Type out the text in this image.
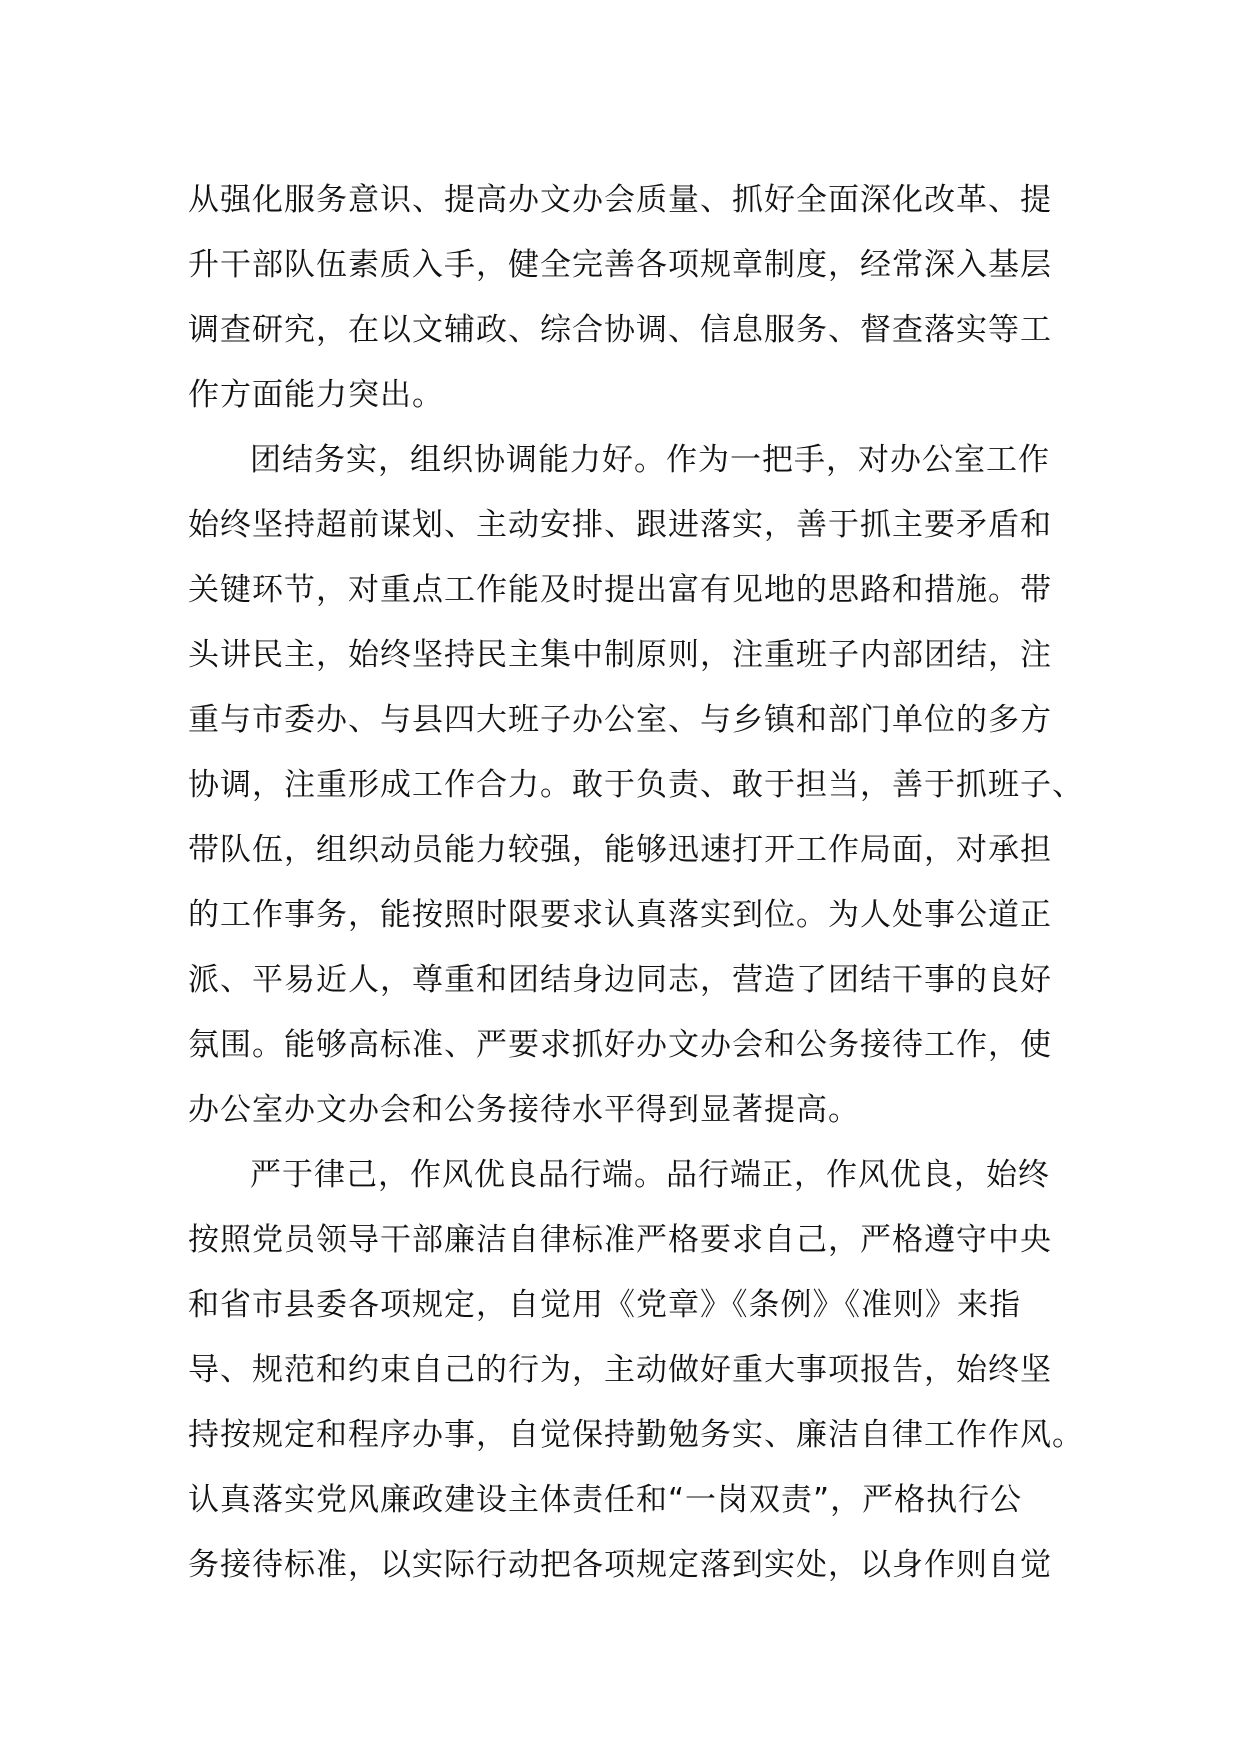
从强化服务意识、提高办文办会质量、抓好全面深化改革、提
升干部队伍素质入手，健全完善各项规章制度，经常深入基层
调查研究，在以文辅政、综合协调、信息服务、督查落实等工
作方面能力突出。
团结务实，组织协调能力好。作为一把手，对办公室工作
始终坚持超前谋划、主动安排、跟进落实，善于抓主要矛盾和
关键环节，对重点工作能及时提出富有见地的思路和措施。带
头讲民主，始终坚持民主集中制原则，注重班子内部团结，注
重与市委办、与县四大班子办公室、与乡镇和部门单位的多方
协调，注重形成工作合力。敢于负责、敢于担当，善于抓班子、
带队伍，组织动员能力较强，能够迅速打开工作局面，对承担
的工作事务，能按照时限要求认真落实到位。为人处事公道正
派、平易近人，尊重和团结身边同志，营造了团结干事的良好
氛围。能够高标准、严要求抓好办文办会和公务接待工作，使
办公室办文办会和公务接待水平得到显著提高。
严于律己，作风优良品行端。品行端正，作风优良，始终
按照党员领导干部廉洁自律标准严格要求自己，严格遵守中央
和省市县委各项规定，自觉用《党章》《条例》《准则》来指
导、规范和约束自己的行为，主动做好重大事项报告，始终坚
持按规定和程序办事，自觉保持勤勉务实、廉洁自律工作作风。
认真落实党风廉政建设主体责任和“一岗双责”，严格执行公
务接待标准，以实际行动把各项规定落到实处，以身作则自觉
